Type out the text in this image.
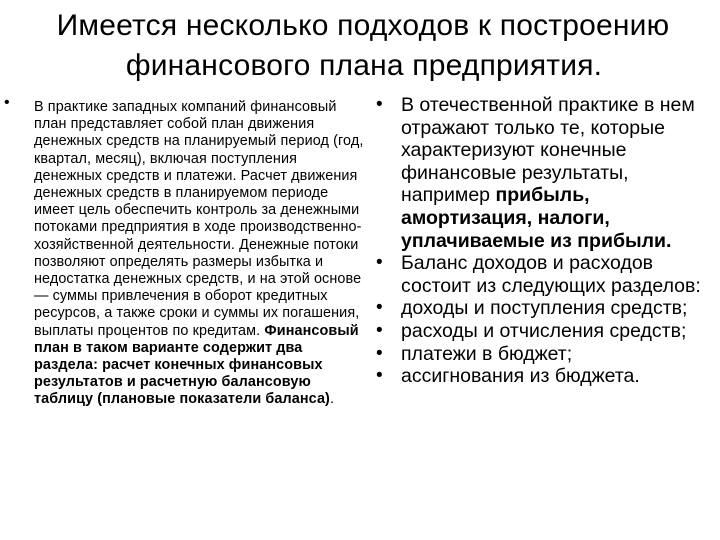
Имеется несколько подходов к построению
финансового плана предприятия.
• В практике западных компаний финансовый план представляет собой план движения денежных средств на планируемый период (год, квартал, месяц), включая поступления денежных средств и платежи. Расчет движения денежных средств в планируемом периоде имеет цель обеспечить контроль за денежными потоками предприятия в ходе производственно-хозяйственной деятельности. Денежные потоки позволяют определять размеры избытка и недостатка денежных средств, и на этой основе — суммы привлечения в оборот кредитных ресурсов, а также сроки и суммы их погашения, выплаты процентов по кредитам. Финансовый план в таком варианте содержит два раздела: расчет конечных финансовых результатов и расчетную балансовую таблицу (плановые показатели баланса).
• В отечественной практике в нем отражают только те, которые характеризуют конечные финансовые результаты, например прибыль, амортизация, налоги, уплачиваемые из прибыли.
• Баланс доходов и расходов состоит из следующих разделов:
• доходы и поступления средств;
• расходы и отчисления средств;
• платежи в бюджет;
• ассигнования из бюджета.
